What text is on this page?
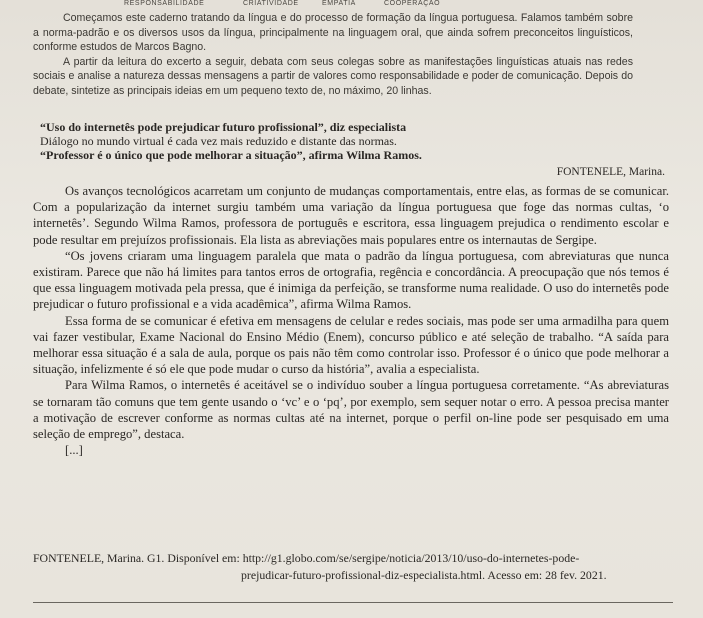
RESPONSABILIDADE	CRIATIVIDADE	EMPATIA	COOPERAÇÃO

Começamos este caderno tratando da língua e do processo de formação da língua portuguesa. Falamos também sobre a norma-padrão e os diversos usos da língua, principalmente na linguagem oral, que ainda sofrem preconceitos linguísticos, conforme estudos de Marcos Bagno.

A partir da leitura do excerto a seguir, debata com seus colegas sobre as manifestações linguísticas atuais nas redes sociais e analise a natureza dessas mensagens a partir de valores como responsabilidade e poder de comunicação. Depois do debate, sintetize as principais ideias em um pequeno texto de, no máximo, 20 linhas.

“Uso do internetês pode prejudicar futuro profissional”, diz especialista
Diálogo no mundo virtual é cada vez mais reduzido e distante das normas.
“Professor é o único que pode melhorar a situação”, afirma Wilma Ramos.
FONTENELE, Marina.

Os avanços tecnológicos acarretam um conjunto de mudanças comportamentais, entre elas, as formas de se comunicar. Com a popularização da internet surgiu também uma variação da língua portuguesa que foge das normas cultas, ‘o internetês’. Segundo Wilma Ramos, professora de português e escritora, essa linguagem prejudica o rendimento escolar e pode resultar em prejuízos profissionais. Ela lista as abreviações mais populares entre os internautas de Sergipe.

“Os jovens criaram uma linguagem paralela que mata o padrão da língua portuguesa, com abreviaturas que nunca existiram. Parece que não há limites para tantos erros de ortografia, regência e concordância. A preocupação que nós temos é que essa linguagem motivada pela pressa, que é inimiga da perfeição, se transforme numa realidade. O uso do internetês pode prejudicar o futuro profissional e a vida acadêmica”, afirma Wilma Ramos.

Essa forma de se comunicar é efetiva em mensagens de celular e redes sociais, mas pode ser uma armadilha para quem vai fazer vestibular, Exame Nacional do Ensino Médio (Enem), concurso público e até seleção de trabalho. “A saída para melhorar essa situação é a sala de aula, porque os pais não têm como controlar isso. Professor é o único que pode melhorar a situação, infelizmente é só ele que pode mudar o curso da história”, avalia a especialista.

Para Wilma Ramos, o internetês é aceitável se o indivíduo souber a língua portuguesa corretamente. “As abreviaturas se tornaram tão comuns que tem gente usando o ‘vc’ e o ‘pq’, por exemplo, sem sequer notar o erro. A pessoa precisa manter a motivação de escrever conforme as normas cultas até na internet, porque o perfil on-line pode ser pesquisado em uma seleção de emprego”, destaca.

[...]

FONTENELE, Marina. G1. Disponível em: http://g1.globo.com/se/sergipe/noticia/2013/10/uso-do-internetes-pode-
prejudicar-futuro-profissional-diz-especialista.html. Acesso em: 28 fev. 2021.
